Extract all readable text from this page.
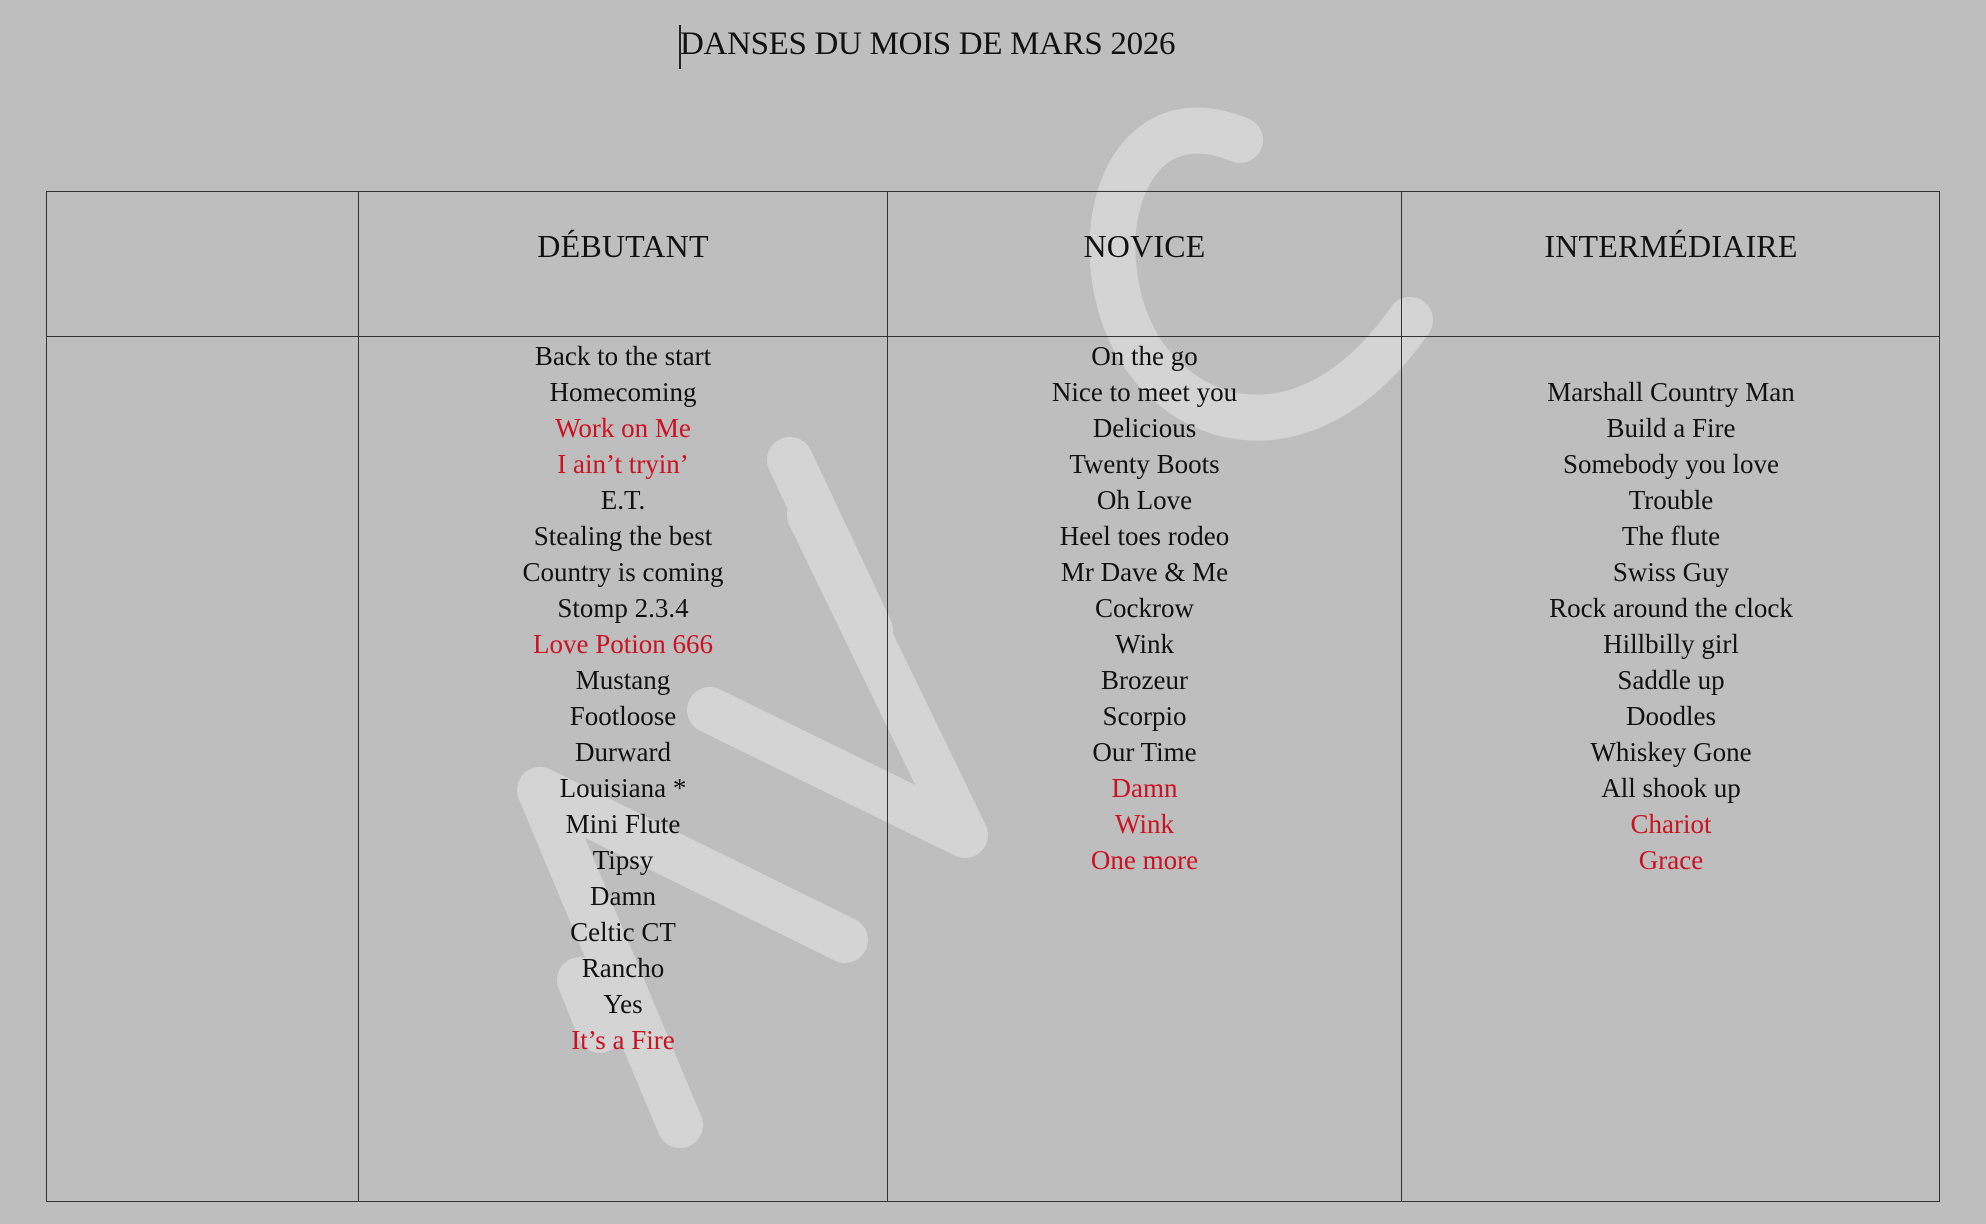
DANSES DU MOIS DE MARS 2026
DÉBUTANT	NOVICE	INTERMÉDIAIRE
Back to the start
Homecoming
Work on Me
I ain’t tryin’
E.T.
Stealing the best
Country is coming
Stomp 2.3.4
Love Potion 666
Mustang
Footloose
Durward
Louisiana *
Mini Flute
Tipsy
Damn
Celtic CT
Rancho
Yes
It’s a Fire
On the go
Nice to meet you
Delicious
Twenty Boots
Oh Love
Heel toes rodeo
Mr Dave & Me
Cockrow
Wink
Brozeur
Scorpio
Our Time
Damn
Wink
One more
Marshall Country Man
Build a Fire
Somebody you love
Trouble
The flute
Swiss Guy
Rock around the clock
Hillbilly girl
Saddle up
Doodles
Whiskey Gone
All shook up
Chariot
Grace
